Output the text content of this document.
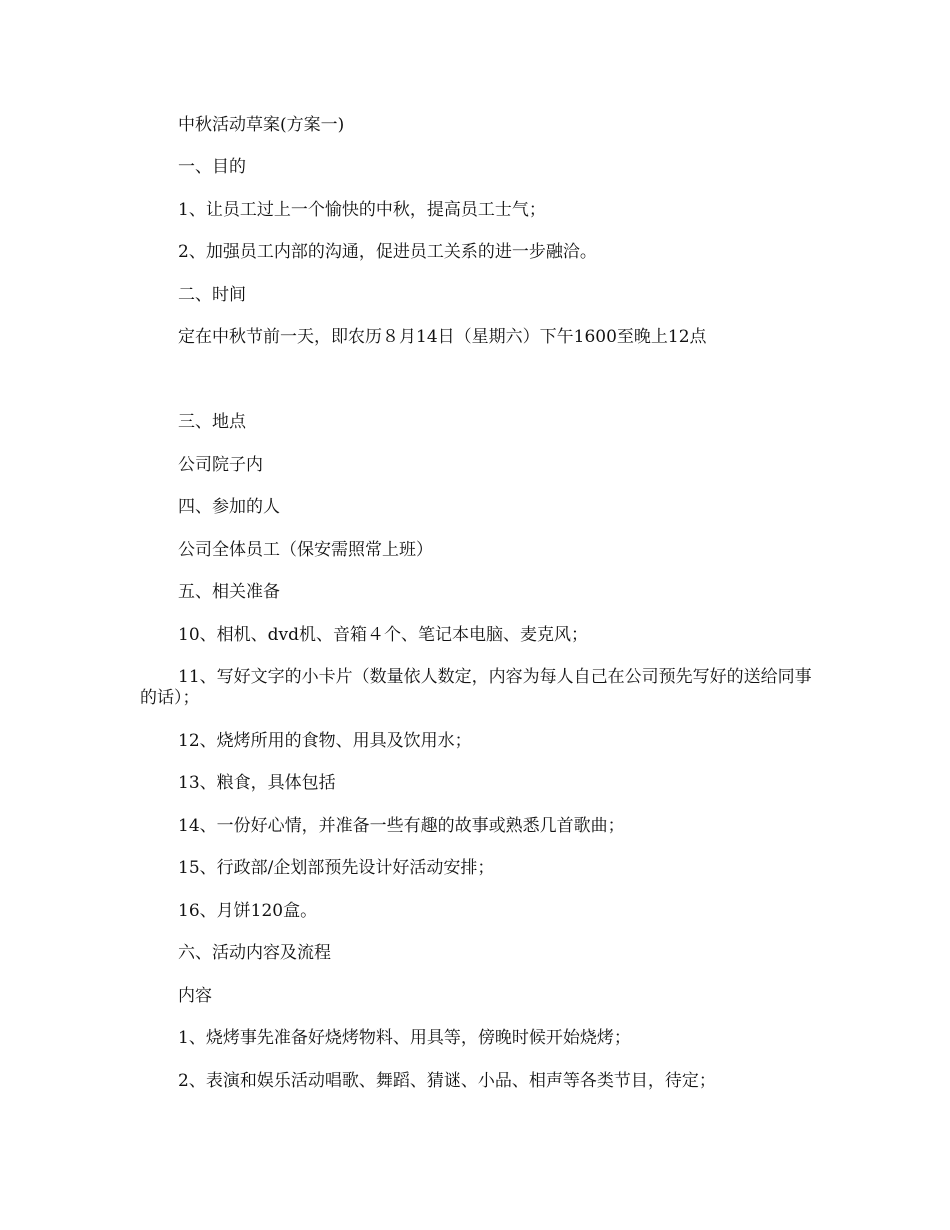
中秋活动草案(方案一)
一、目的
1、让员工过上一个愉快的中秋，提高员工士气；
2、加强员工内部的沟通，促进员工关系的进一步融洽。
二、时间
定在中秋节前一天，即农历８月14日（星期六）下午1600至晚上12点
三、地点
公司院子内
四、参加的人
公司全体员工（保安需照常上班）
五、相关准备
10、相机、dvd机、音箱４个、笔记本电脑、麦克风；
11、写好文字的小卡片（数量依人数定，内容为每人自己在公司预先写好的送给同事的话）；
12、烧烤所用的食物、用具及饮用水；
13、粮食，具体包括
14、一份好心情，并准备一些有趣的故事或熟悉几首歌曲；
15、行政部/企划部预先设计好活动安排；
16、月饼120盒。
六、活动内容及流程
内容
1、烧烤事先准备好烧烤物料、用具等，傍晚时候开始烧烤；
2、表演和娱乐活动唱歌、舞蹈、猜谜、小品、相声等各类节目，待定；
